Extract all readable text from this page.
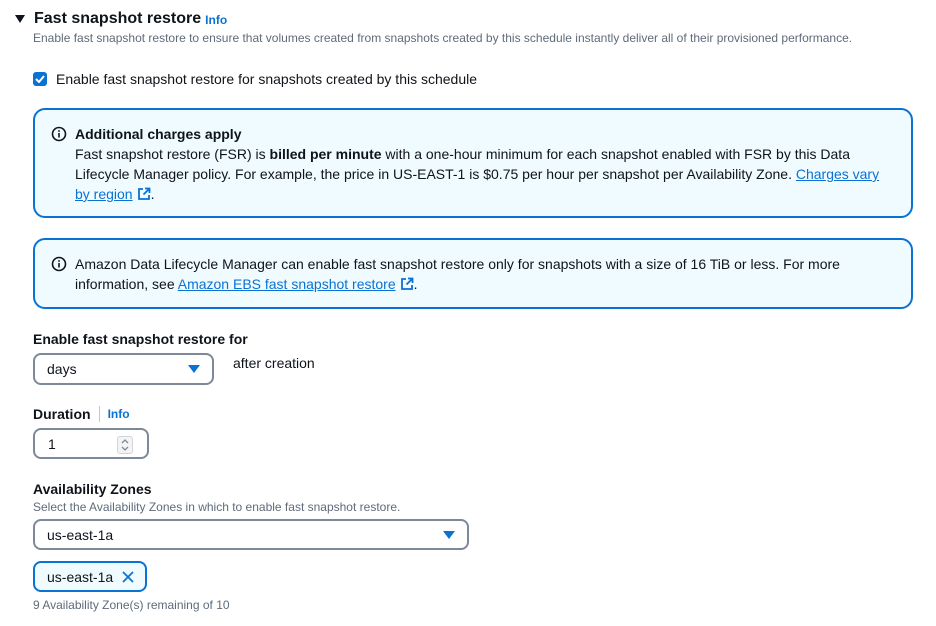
Fast snapshot restore Info
Enable fast snapshot restore to ensure that volumes created from snapshots created by this schedule instantly deliver all of their provisioned performance.
Enable fast snapshot restore for snapshots created by this schedule
Additional charges apply
Fast snapshot restore (FSR) is billed per minute with a one-hour minimum for each snapshot enabled with FSR by this Data Lifecycle Manager policy. For example, the price in US-EAST-1 is $0.75 per hour per snapshot per Availability Zone. Charges vary by region .
Amazon Data Lifecycle Manager can enable fast snapshot restore only for snapshots with a size of 16 TiB or less. For more information, see Amazon EBS fast snapshot restore .
Enable fast snapshot restore for
days	after creation
Duration Info
1
Availability Zones
Select the Availability Zones in which to enable fast snapshot restore.
us-east-1a
us-east-1a
9 Availability Zone(s) remaining of 10
